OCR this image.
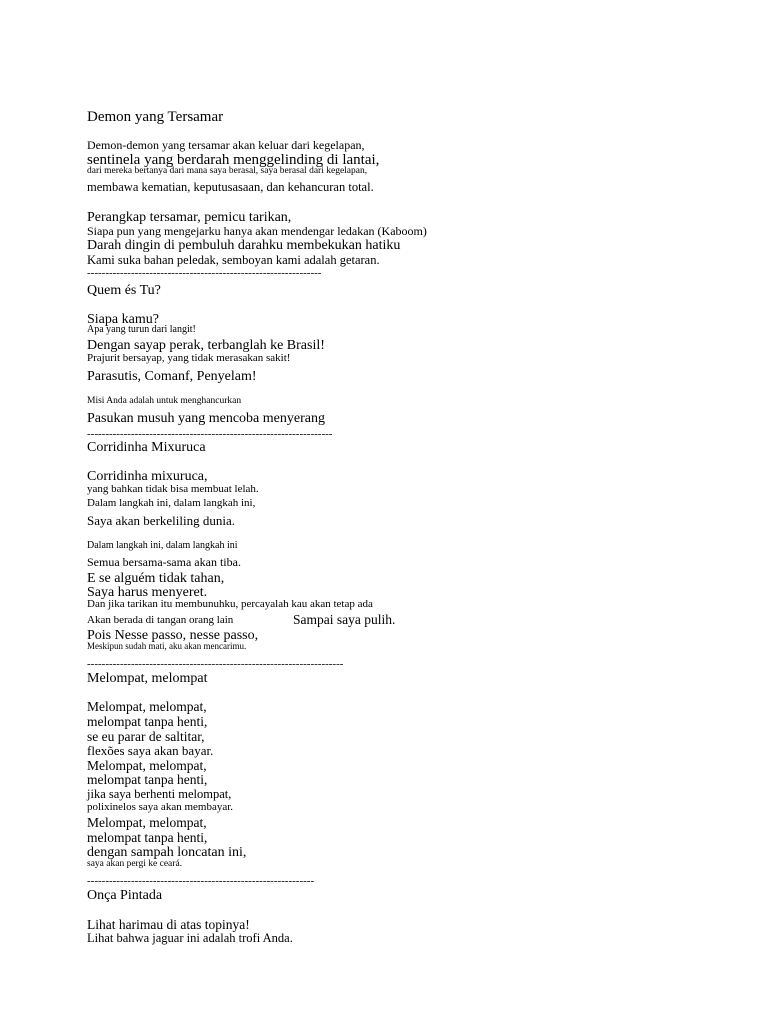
Demon yang Tersamar
Demon-demon yang tersamar akan keluar dari kegelapan,
sentinela yang berdarah menggelinding di lantai,
dari mereka bertanya dari mana saya berasal, saya berasal dari kegelapan,
membawa kematian, keputusasaan, dan kehancuran total.
Perangkap tersamar, pemicu tarikan,
Siapa pun yang mengejarku hanya akan mendengar ledakan (Kaboom)
Darah dingin di pembuluh darahku membekukan hatiku
Kami suka bahan peledak, semboyan kami adalah getaran.
----------------------------------------------------------------
Quem és Tu?
Siapa kamu?
Apa yang turun dari langit!
Dengan sayap perak, terbanglah ke Brasil!
Prajurit bersayap, yang tidak merasakan sakit!
Parasutis, Comanf, Penyelam!
Misi Anda adalah untuk menghancurkan
Pasukan musuh yang mencoba menyerang
-------------------------------------------------------------------
Corridinha Mixuruca
Corridinha mixuruca,
yang bahkan tidak bisa membuat lelah.
Dalam langkah ini, dalam langkah ini,
Saya akan berkeliling dunia.
Dalam langkah ini, dalam langkah ini
Semua bersama-sama akan tiba.
E se alguém tidak tahan,
Saya harus menyeret.
Dan jika tarikan itu membunuhku, percayalah kau akan tetap ada
Akan berada di tangan orang lain	Sampai saya pulih.
Pois Nesse passo, nesse passo,
Meskipun sudah mati, aku akan mencarimu.
----------------------------------------------------------------------
Melompat, melompat
Melompat, melompat,
melompat tanpa henti,
se eu parar de saltitar,
flexões saya akan bayar.
Melompat, melompat,
melompat tanpa henti,
jika saya berhenti melompat,
polixinelos saya akan membayar.
Melompat, melompat,
melompat tanpa henti,
dengan sampah loncatan ini,
saya akan pergi ke ceará.
--------------------------------------------------------------
Onça Pintada
Lihat harimau di atas topinya!
Lihat bahwa jaguar ini adalah trofi Anda.
